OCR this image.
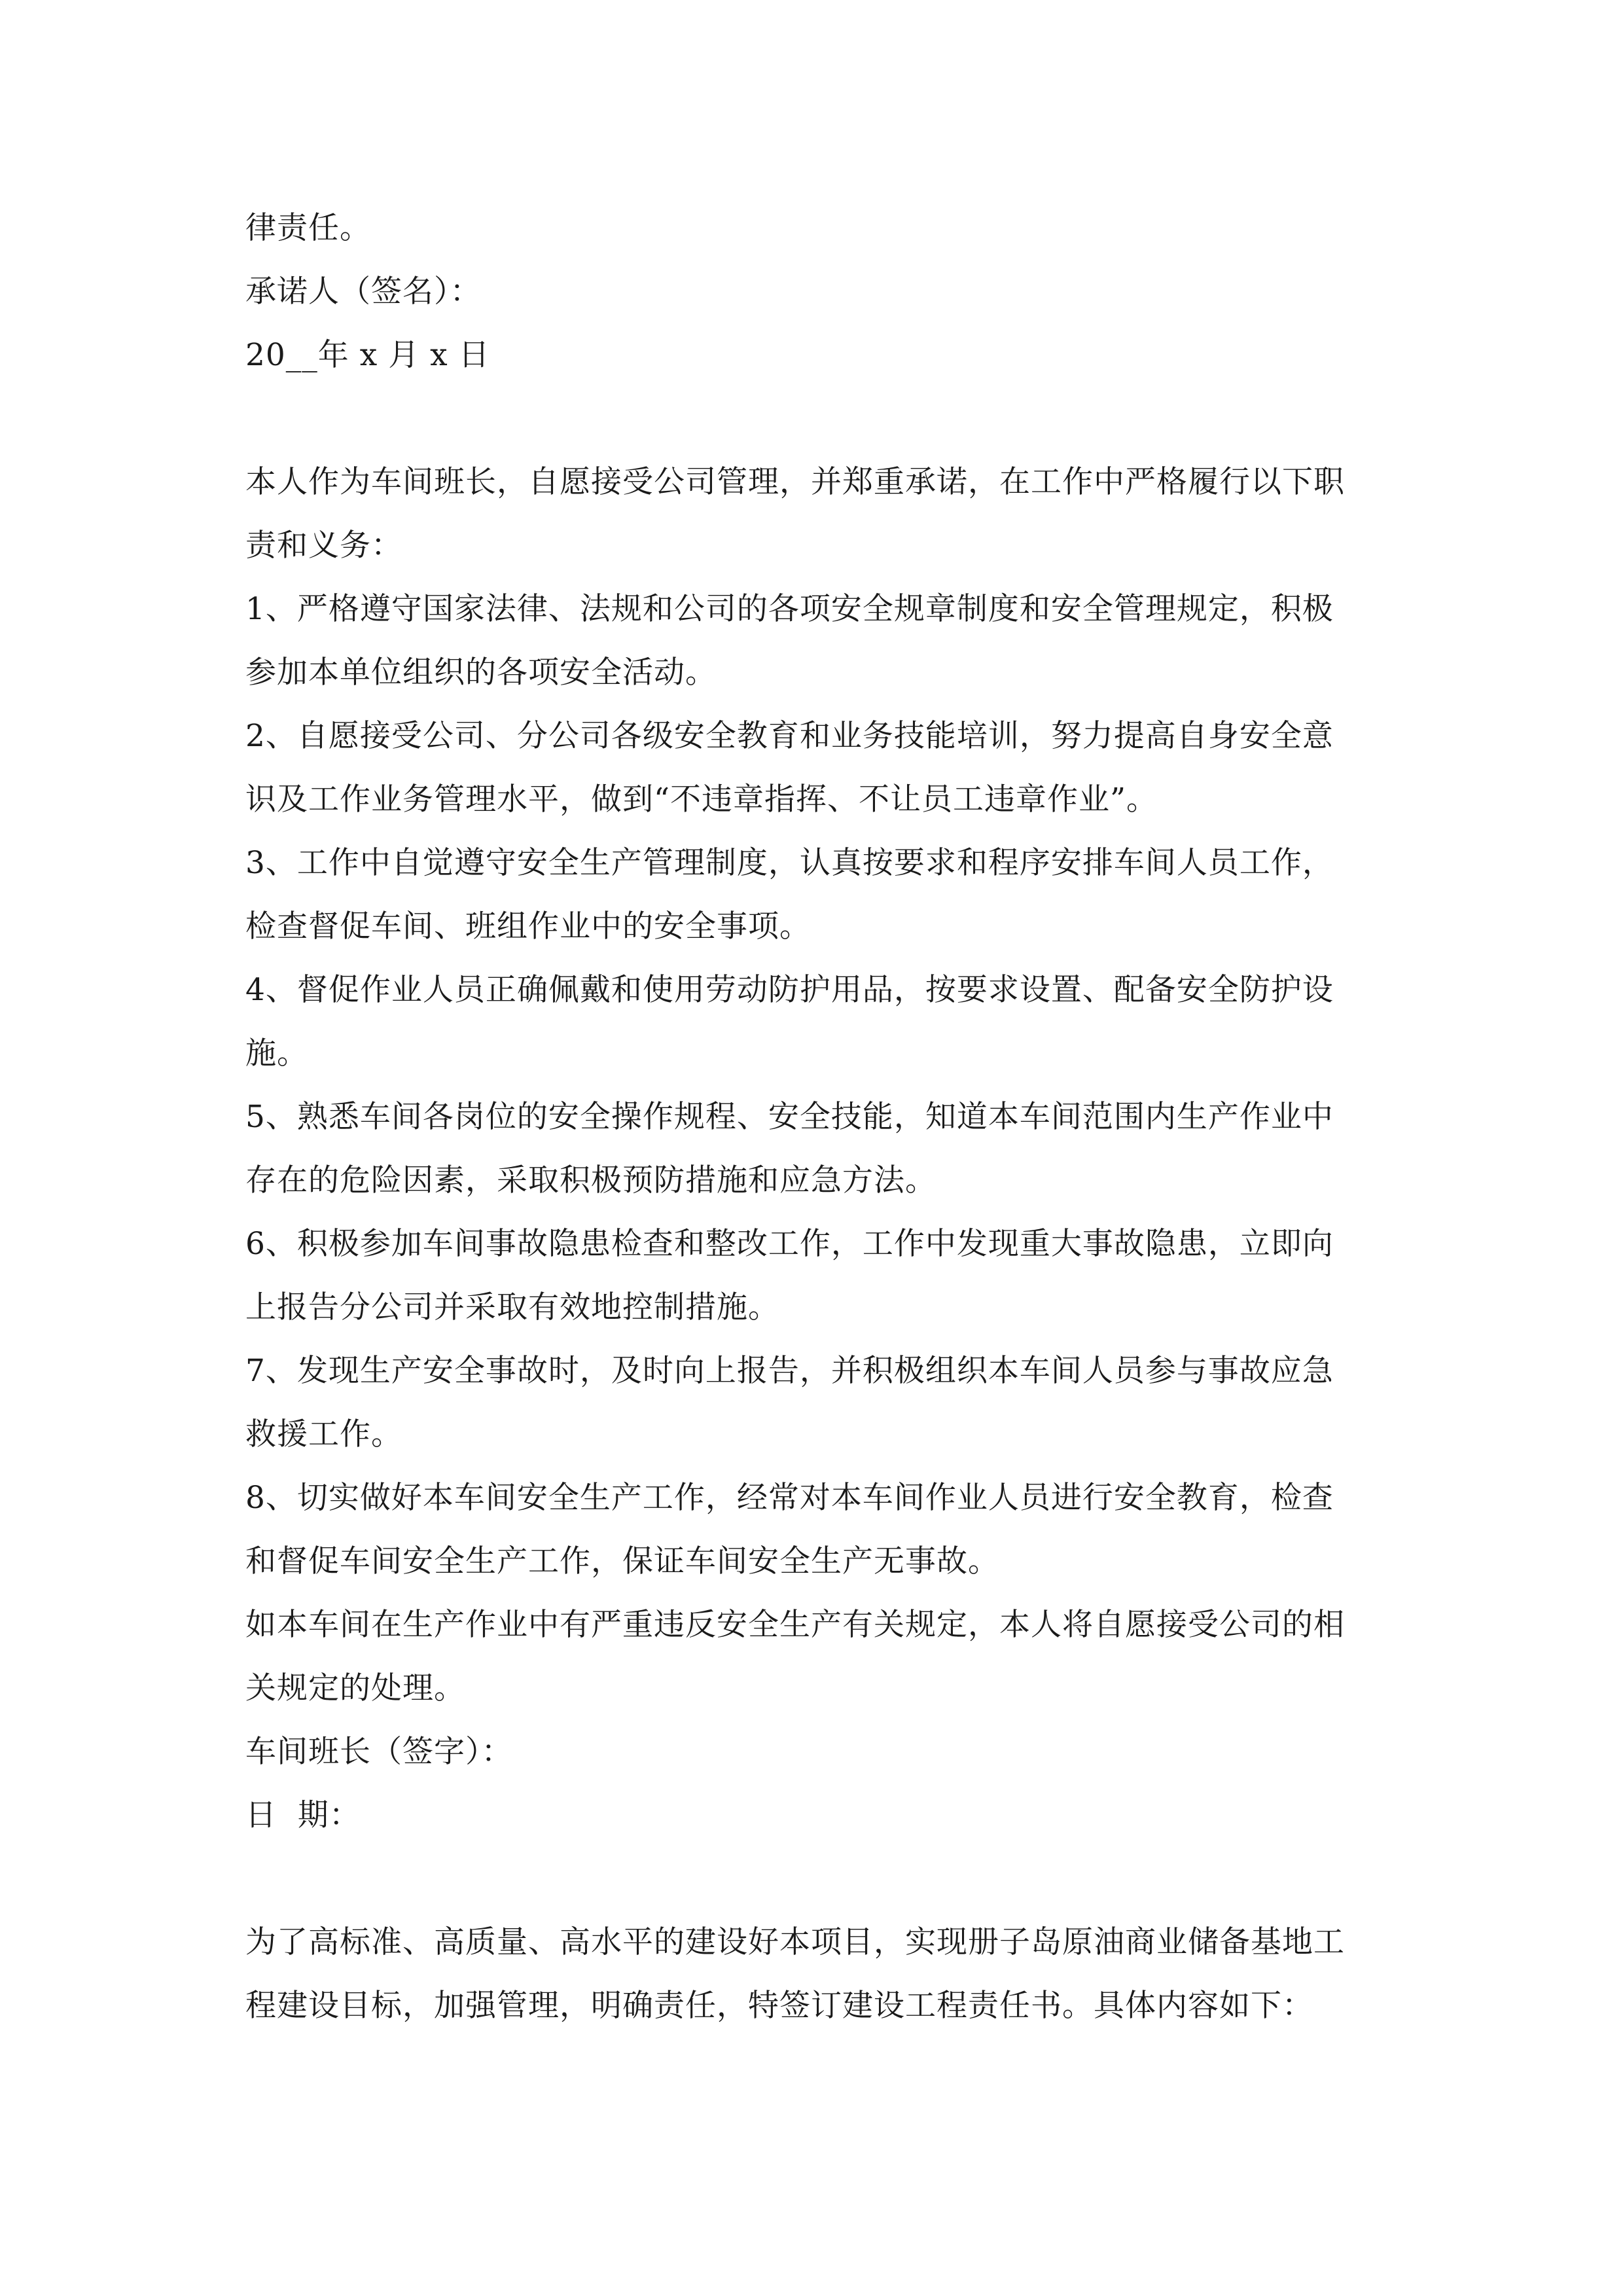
律责任。
承诺人（签名）：
20__年 x 月 x 日
本人作为车间班长，自愿接受公司管理，并郑重承诺，在工作中严格履行以下职
责和义务：
1、严格遵守国家法律、法规和公司的各项安全规章制度和安全管理规定，积极
参加本单位组织的各项安全活动。
2、自愿接受公司、分公司各级安全教育和业务技能培训，努力提高自身安全意
识及工作业务管理水平，做到“不违章指挥、不让员工违章作业”。
3、工作中自觉遵守安全生产管理制度，认真按要求和程序安排车间人员工作，
检查督促车间、班组作业中的安全事项。
4、督促作业人员正确佩戴和使用劳动防护用品，按要求设置、配备安全防护设
施。
5、熟悉车间各岗位的安全操作规程、安全技能，知道本车间范围内生产作业中
存在的危险因素，采取积极预防措施和应急方法。
6、积极参加车间事故隐患检查和整改工作，工作中发现重大事故隐患，立即向
上报告分公司并采取有效地控制措施。
7、发现生产安全事故时，及时向上报告，并积极组织本车间人员参与事故应急
救援工作。
8、切实做好本车间安全生产工作，经常对本车间作业人员进行安全教育，检查
和督促车间安全生产工作，保证车间安全生产无事故。
如本车间在生产作业中有严重违反安全生产有关规定，本人将自愿接受公司的相
关规定的处理。
车间班长（签字）：
日  期：
为了高标准、高质量、高水平的建设好本项目，实现册子岛原油商业储备基地工
程建设目标，加强管理，明确责任，特签订建设工程责任书。具体内容如下：
